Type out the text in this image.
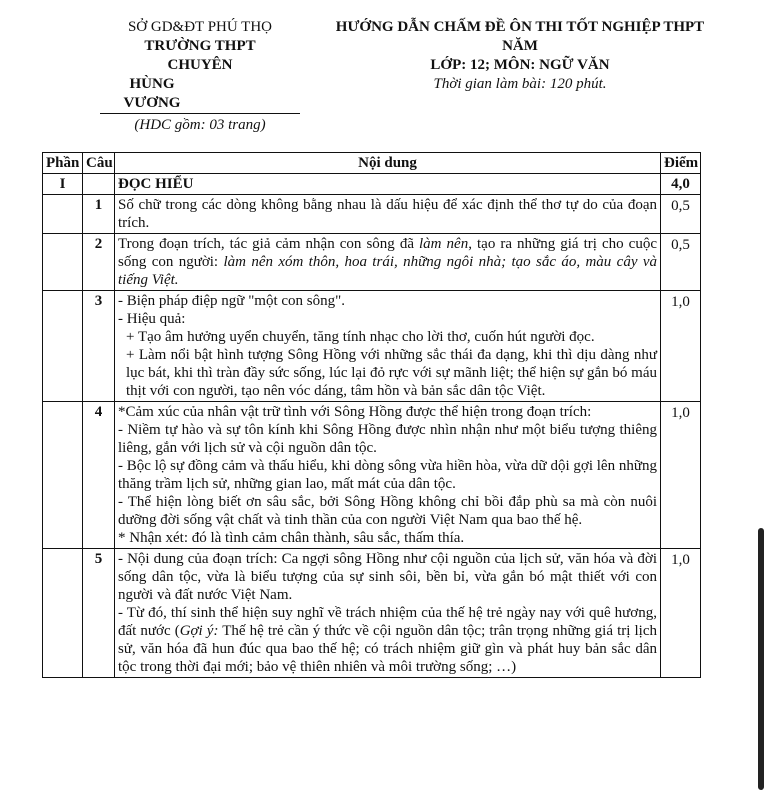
SỞ GD&ĐT PHÚ THỌ
TRƯỜNG THPT
CHUYÊN
HÙNG VƯƠNG
(HDC gồm: 03 trang)
HƯỚNG DẪN CHẤM ĐỀ ÔN THI TỐT NGHIỆP THPT
NĂM
LỚP: 12; MÔN: NGỮ VĂN
Thời gian làm bài: 120 phút.
Phần	Câu	Nội dung	Điểm
I		ĐỌC HIỂU	4,0
	1	Số chữ trong các dòng không bằng nhau là dấu hiệu để xác định thể thơ tự do của đoạn trích.	0,5
	2	Trong đoạn trích, tác giả cảm nhận con sông đã làm nên, tạo ra những giá trị cho cuộc sống con người: làm nên xóm thôn, hoa trái, những ngôi nhà; tạo sắc áo, màu cây và tiếng Việt.	0,5
	3	- Biện pháp điệp ngữ "một con sông".
- Hiệu quả:
+ Tạo âm hưởng uyển chuyển, tăng tính nhạc cho lời thơ, cuốn hút người đọc.
+ Làm nổi bật hình tượng Sông Hồng với những sắc thái đa dạng, khi thì dịu dàng như lục bát, khi thì tràn đầy sức sống, lúc lại đỏ rực với sự mãnh liệt; thể hiện sự gắn bó máu thịt với con người, tạo nên vóc dáng, tâm hồn và bản sắc dân tộc Việt.	1,0
	4	*Cảm xúc của nhân vật trữ tình với Sông Hồng được thể hiện trong đoạn trích:
- Niềm tự hào và sự tôn kính khi Sông Hồng được nhìn nhận như một biểu tượng thiêng liêng, gắn với lịch sử và cội nguồn dân tộc.
- Bộc lộ sự đồng cảm và thấu hiểu, khi dòng sông vừa hiền hòa, vừa dữ dội gợi lên những thăng trầm lịch sử, những gian lao, mất mát của dân tộc.
- Thể hiện lòng biết ơn sâu sắc, bởi Sông Hồng không chỉ bồi đắp phù sa mà còn nuôi dưỡng đời sống vật chất và tinh thần của con người Việt Nam qua bao thế hệ.
* Nhận xét: đó là tình cảm chân thành, sâu sắc, thấm thía.	1,0
	5	- Nội dung của đoạn trích: Ca ngợi sông Hồng như cội nguồn của lịch sử, văn hóa và đời sống dân tộc, vừa là biểu tượng của sự sinh sôi, bền bỉ, vừa gắn bó mật thiết với con người và đất nước Việt Nam.
- Từ đó, thí sinh thể hiện suy nghĩ về trách nhiệm của thế hệ trẻ ngày nay với quê hương, đất nước (Gợi ý: Thế hệ trẻ cần ý thức về cội nguồn dân tộc; trân trọng những giá trị lịch sử, văn hóa đã hun đúc qua bao thế hệ; có trách nhiệm giữ gìn và phát huy bản sắc dân tộc trong thời đại mới; bảo vệ thiên nhiên và môi trường sống; …)	1,0
